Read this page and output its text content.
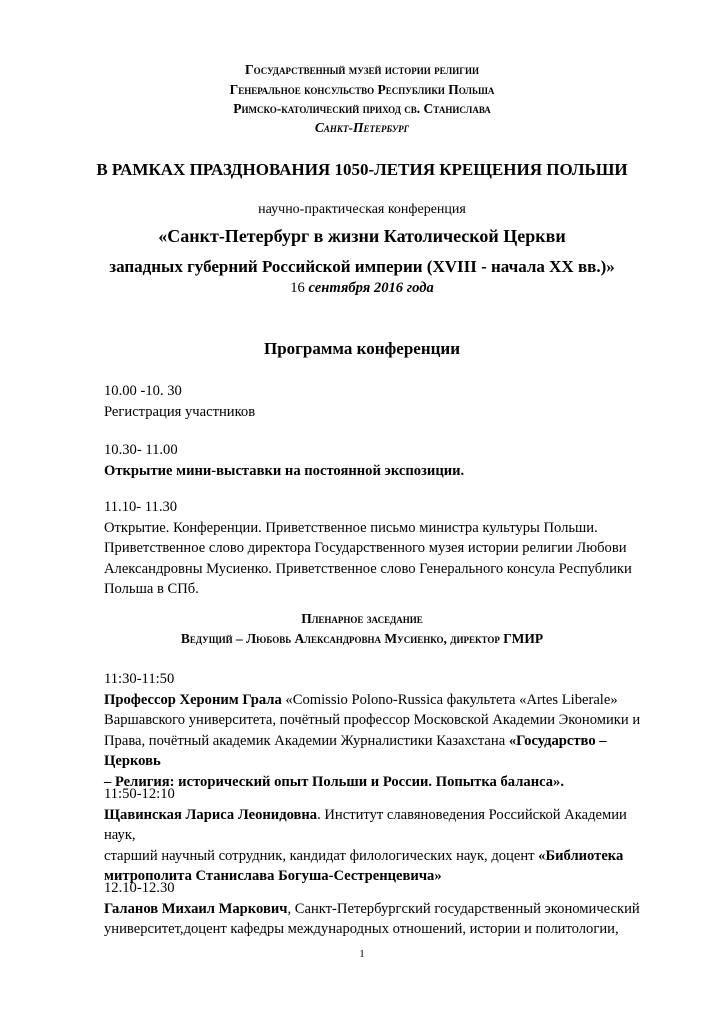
Государственный музей истории религии
Генеральное консульство Республики Польша
Римско-католический приход св. Станислава
Санкт-Петербург
В РАМКАХ ПРАЗДНОВАНИЯ 1050-ЛЕТИЯ КРЕЩЕНИЯ ПОЛЬШИ
научно-практическая конференция
«Санкт-Петербург в жизни Католической Церкви
западных губерний Российской империи (XVIII - начала XX вв.)»
16 сентября 2016 года
Программа конференции

10.00 -10. 30

Регистрация участников

10.30- 11.00

Открытие мини-выставки на постоянной экспозиции.

11.10- 11.30

Открытие. Конференции. Приветственное письмо министра культуры Польши.

Приветственное слово директора Государственного музея истории религии Любови

Александровны Мусиенко. Приветственное слово Генерального консула Республики

Польша в СПб.

Пленарное заседание
Ведущий – Любовь Александровна Мусиенко, директор ГМИР

11:30-11:50

Профессор Хероним Грала «Comissio Polono-Russica факультета «Artes Liberale»

Варшавского университета, почётный профессор Московской Академии Экономики и

Права, почётный академик Академии Журналистики Казахстана «Государство – Церковь

– Религия: исторический опыт Польши и России. Попытка баланса».

11:50-12:10

Щавинская Лариса Леонидовна. Институт славяноведения Российской Академии наук,

старший научный сотрудник, кандидат филологических наук, доцент «Библиотека

митрополита Станислава Богуша-Сестренцевича»

12.10-12.30

Галанов Михаил Маркович, Санкт-Петербургский государственный экономический

университет,доцент кафедры международных отношений, истории и политологии,

1
